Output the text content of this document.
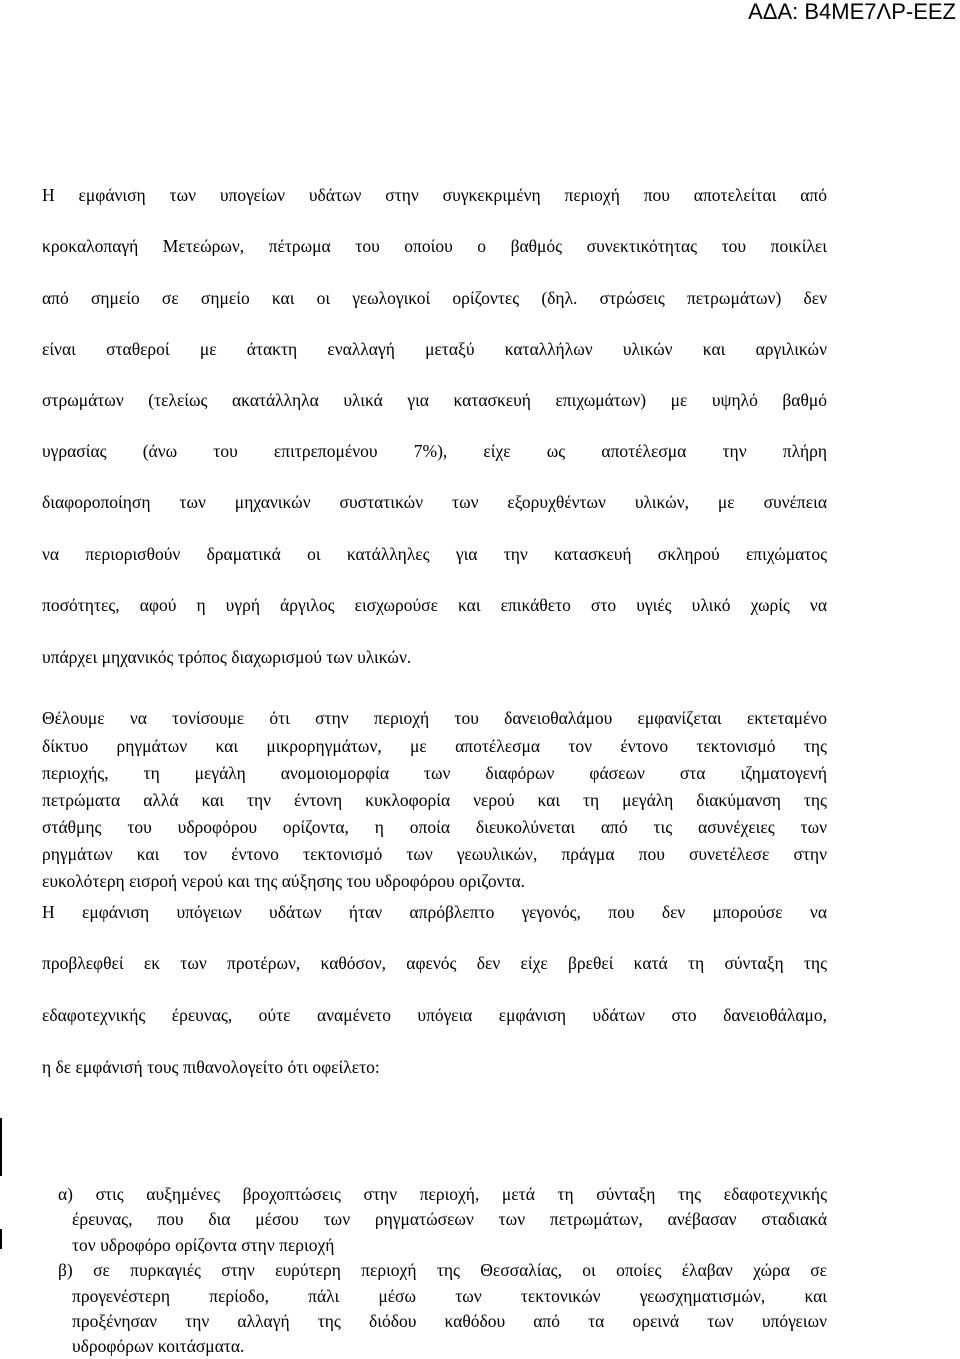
ΑΔΑ: Β4ΜΕ7ΛΡ-ΕΕΖ
Η εμφάνιση των υπογείων υδάτων στην συγκεκριμένη περιοχή που αποτελείται από
κροκαλοπαγή Μετεώρων, πέτρωμα του οποίου ο βαθμός συνεκτικότητας του ποικίλει
από σημείο σε σημείο και οι γεωλογικοί ορίζοντες (δηλ. στρώσεις πετρωμάτων) δεν
είναι σταθεροί με άτακτη εναλλαγή μεταξύ καταλλήλων υλικών και αργιλικών
στρωμάτων (τελείως ακατάλληλα υλικά για κατασκευή επιχωμάτων) με υψηλό βαθμό
υγρασίας (άνω του επιτρεπομένου 7%), είχε ως αποτέλεσμα την πλήρη
διαφοροποίηση των μηχανικών συστατικών των εξορυχθέντων υλικών, με συνέπεια
να περιορισθούν δραματικά οι κατάλληλες για την κατασκευή σκληρού επιχώματος
ποσότητες, αφού η υγρή άργιλος εισχωρούσε και επικάθετο στο υγιές υλικό χωρίς να
υπάρχει μηχανικός τρόπος διαχωρισμού των υλικών.
Θέλουμε να τονίσουμε ότι στην περιοχή του δανειοθαλάμου εμφανίζεται εκτεταμένο
δίκτυο ρηγμάτων και μικρορηγμάτων, με αποτέλεσμα τον έντονο τεκτονισμό της
περιοχής, τη μεγάλη ανομοιομορφία των διαφόρων φάσεων στα ιζηματογενή
πετρώματα αλλά και την έντονη κυκλοφορία νερού και τη μεγάλη διακύμανση της
στάθμης του υδροφόρου ορίζοντα, η οποία διευκολύνεται από τις ασυνέχειες των
ρηγμάτων και τον έντονο τεκτονισμό των γεωυλικών, πράγμα που συνετέλεσε στην
ευκολότερη εισροή νερού και της αύξησης του υδροφόρου οριζοντα.
Η εμφάνιση υπόγειων υδάτων ήταν απρόβλεπτο γεγονός, που δεν μπορούσε να
προβλεφθεί εκ των προτέρων, καθόσον, αφενός δεν είχε βρεθεί κατά τη σύνταξη της
εδαφοτεχνικής έρευνας, ούτε αναμένετο υπόγεια εμφάνιση υδάτων στο δανειοθάλαμο,
η δε εμφάνισή τους πιθανολογείτο ότι οφείλετο:
α) στις αυξημένες βροχοπτώσεις στην περιοχή, μετά τη σύνταξη της εδαφοτεχνικής
έρευνας, που δια μέσου των ρηγματώσεων των πετρωμάτων, ανέβασαν σταδιακά
τον υδροφόρο ορίζοντα στην περιοχή
β) σε πυρκαγιές στην ευρύτερη περιοχή της Θεσσαλίας, οι οποίες έλαβαν χώρα σε
προγενέστερη περίοδο, πάλι μέσω των τεκτονικών γεωσχηματισμών, και
προξένησαν την αλλαγή της διόδου καθόδου από τα ορεινά των υπόγειων
υδροφόρων κοιτάσματα.
